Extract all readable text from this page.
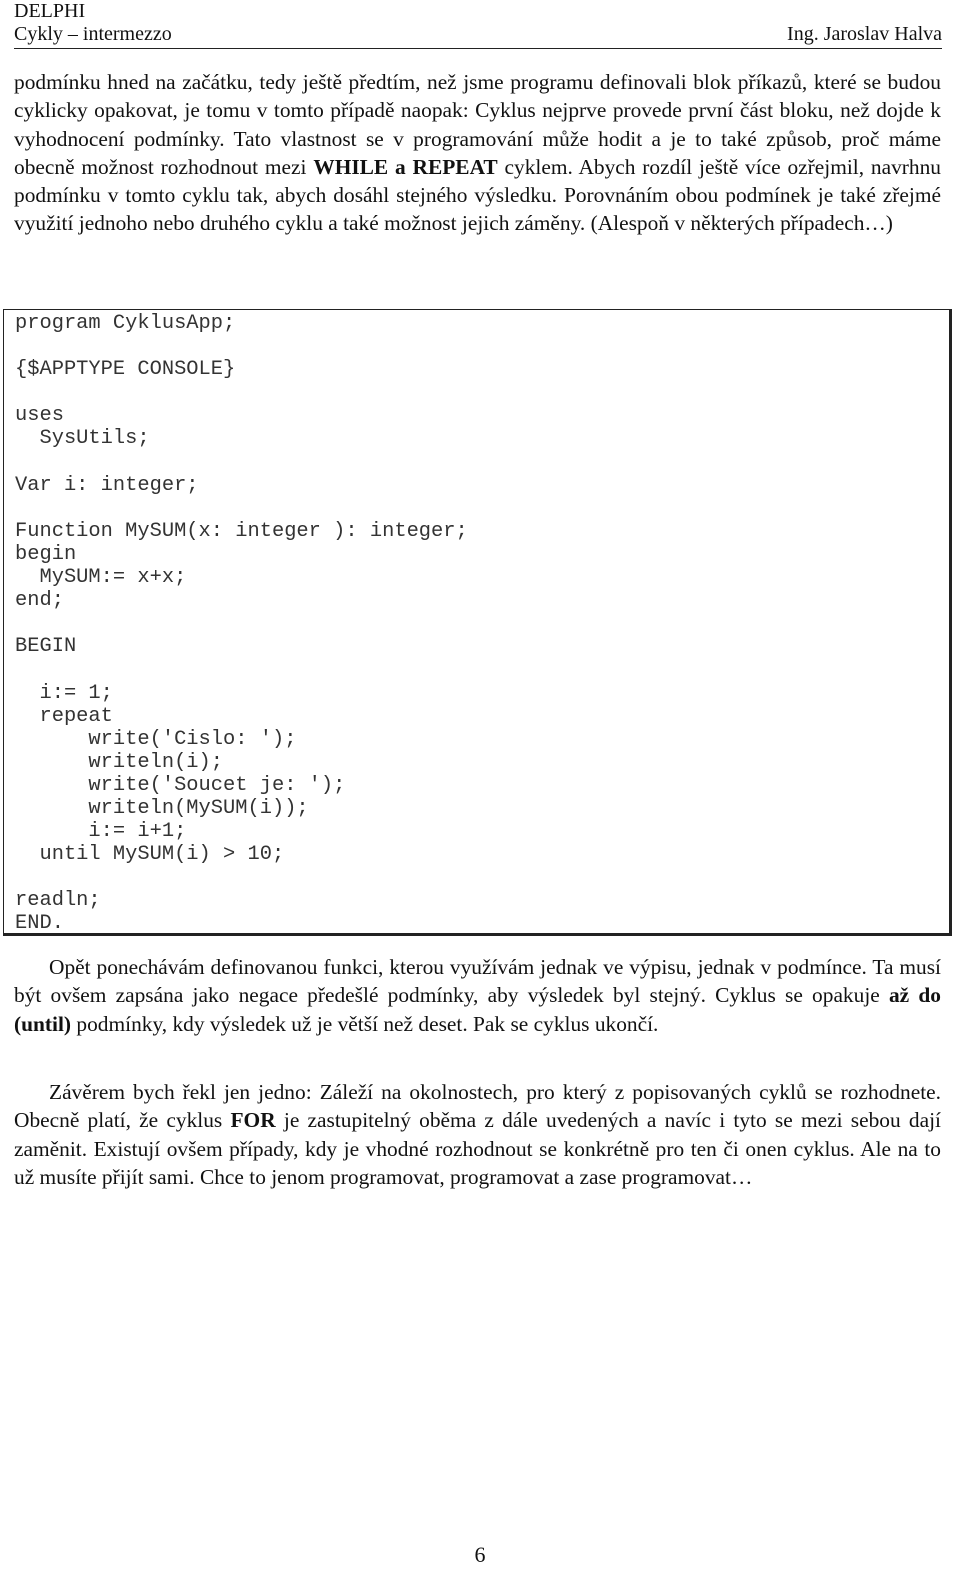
DELPHI
Cykly – intermezzo	Ing. Jaroslav Halva

podmínku hned na začátku, tedy ještě předtím, než jsme programu definovali blok příkazů, které se budou cyklicky opakovat, je tomu v tomto případě naopak: Cyklus nejprve provede první část bloku, než dojde k vyhodnocení podmínky. Tato vlastnost se v programování může hodit a je to také způsob, proč máme obecně možnost rozhodnout mezi WHILE a REPEAT cyklem. Abych rozdíl ještě více ozřejmil, navrhnu podmínku v tomto cyklu tak, abych dosáhl stejného výsledku. Porovnáním obou podmínek je také zřejmé využití jednoho nebo druhého cyklu a také možnost jejich záměny. (Alespoň v některých případech…)

program CyklusApp;

{$APPTYPE CONSOLE}

uses
SysUtils;

Var i: integer;

Function MySUM(x: integer ): integer;
begin
MySUM:= x+x;
end;

BEGIN

i:= 1;
repeat
write('Cislo: ');
writeln(i);
write('Soucet je: ');
writeln(MySUM(i));
i:= i+1;
until MySUM(i) > 10;

readln;
END.

Opět ponechávám definovanou funkci, kterou využívám jednak ve výpisu, jednak v podmínce. Ta musí být ovšem zapsána jako negace předešlé podmínky, aby výsledek byl stejný. Cyklus se opakuje až do (until) podmínky, kdy výsledek už je větší než deset. Pak se cyklus ukončí.

Závěrem bych řekl jen jedno: Záleží na okolnostech, pro který z popisovaných cyklů se rozhodnete. Obecně platí, že cyklus FOR je zastupitelný oběma z dále uvedených a navíc i tyto se mezi sebou dají zaměnit. Existují ovšem případy, kdy je vhodné rozhodnout se konkrétně pro ten či onen cyklus. Ale na to už musíte přijít sami. Chce to jenom programovat, programovat a zase programovat…

6
